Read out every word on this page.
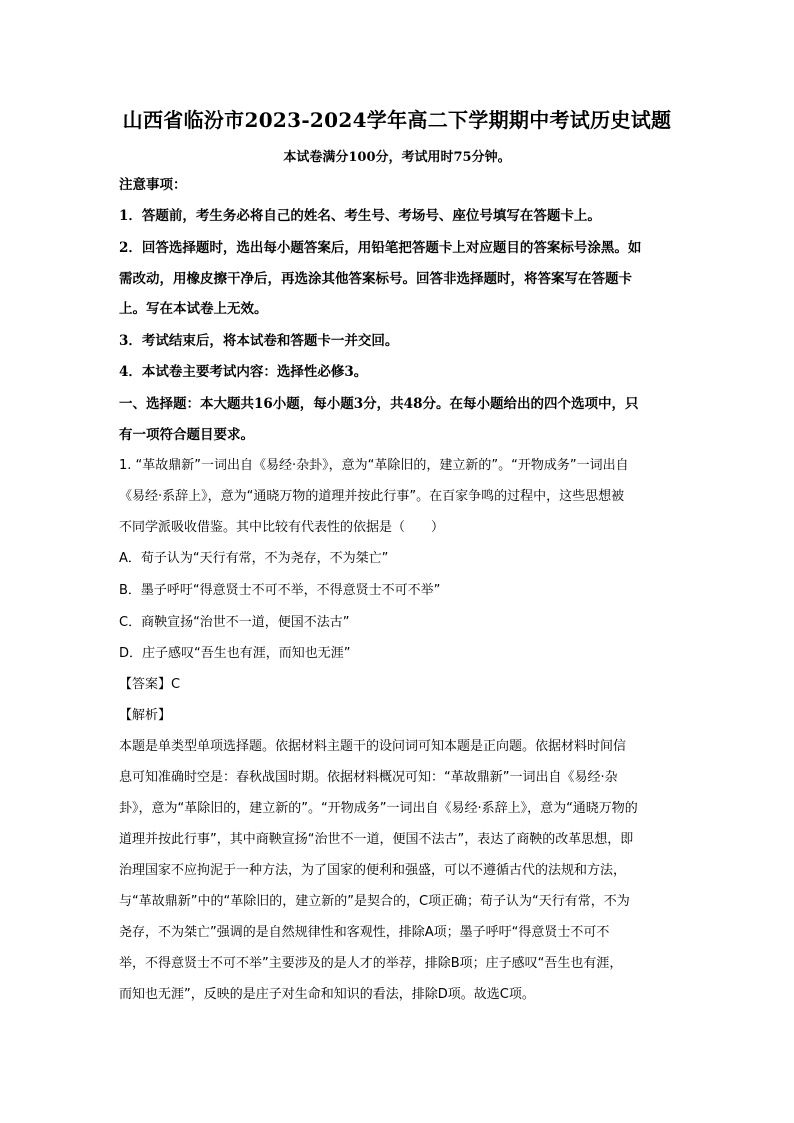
山西省临汾市2023-2024学年高二下学期期中考试历史试题
本试卷满分100分，考试用时75分钟。
注意事项：
1．答题前，考生务必将自己的姓名、考生号、考场号、座位号填写在答题卡上。
2．回答选择题时，选出每小题答案后，用铅笔把答题卡上对应题目的答案标号涂黑。如
需改动，用橡皮擦干净后，再选涂其他答案标号。回答非选择题时，将答案写在答题卡
上。写在本试卷上无效。
3．考试结束后，将本试卷和答题卡一并交回。
4．本试卷主要考试内容：选择性必修3。
一、选择题：本大题共16小题，每小题3分，共48分。在每小题给出的四个选项中，只
有一项符合题目要求。
1. “革故鼎新”一词出自《易经·杂卦》，意为“革除旧的，建立新的”。“开物成务”一词出自
《易经·系辞上》，意为“通晓万物的道理并按此行事”。在百家争鸣的过程中，这些思想被
不同学派吸收借鉴。其中比较有代表性的依据是（　　）
A．荀子认为“天行有常，不为尧存，不为桀亡”
B．墨子呼吁“得意贤士不可不举，不得意贤士不可不举”
C．商鞅宣扬“治世不一道，便国不法古”
D．庄子感叹“吾生也有涯，而知也无涯”
【答案】C
【解析】
本题是单类型单项选择题。依据材料主题干的设问词可知本题是正向题。依据材料时间信
息可知准确时空是：春秋战国时期。依据材料概况可知：“革故鼎新”一词出自《易经·杂
卦》，意为“革除旧的，建立新的”。“开物成务”一词出自《易经·系辞上》，意为“通晓万物的
道理并按此行事”，其中商鞅宣扬“治世不一道，便国不法古”，表达了商鞅的改革思想，即
治理国家不应拘泥于一种方法，为了国家的便利和强盛，可以不遵循古代的法规和方法，
与“革故鼎新”中的“革除旧的，建立新的”是契合的，C项正确；荀子认为“天行有常，不为
尧存，不为桀亡”强调的是自然规律性和客观性，排除A项；墨子呼吁“得意贤士不可不
举，不得意贤士不可不举”主要涉及的是人才的举荐，排除B项；庄子感叹“吾生也有涯，
而知也无涯”，反映的是庄子对生命和知识的看法，排除D项。故选C项。
